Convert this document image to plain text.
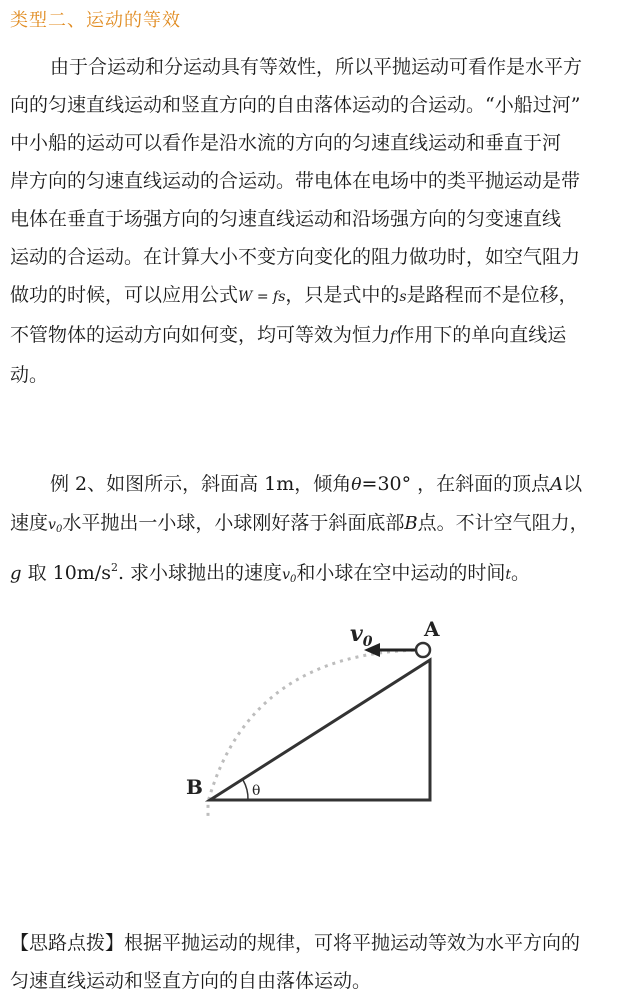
类型二、运动的等效
由于合运动和分运动具有等效性，所以平抛运动可看作是水平方
向的匀速直线运动和竖直方向的自由落体运动的合运动。“小船过河”
中小船的运动可以看作是沿水流的方向的匀速直线运动和垂直于河
岸方向的匀速直线运动的合运动。带电体在电场中的类平抛运动是带
电体在垂直于场强方向的匀速直线运动和沿场强方向的匀变速直线
运动的合运动。在计算大小不变方向变化的阻力做功时，如空气阻力
做功的时候，可以应用公式W = fs，只是式中的s是路程而不是位移，
不管物体的运动方向如何变，均可等效为恒力f作用下的单向直线运
动。
例 2、如图所示，斜面高 1m，倾角θ=30° ，在斜面的顶点A以
速度v0水平抛出一小球，小球刚好落于斜面底部B点。不计空气阻力，
g 取 $10m/s^2$. 求小球抛出的速度v0和小球在空中运动的时间t。
$v_0$
A
B	θ
【思路点拨】根据平抛运动的规律，可将平抛运动等效为水平方向的
匀速直线运动和竖直方向的自由落体运动。
